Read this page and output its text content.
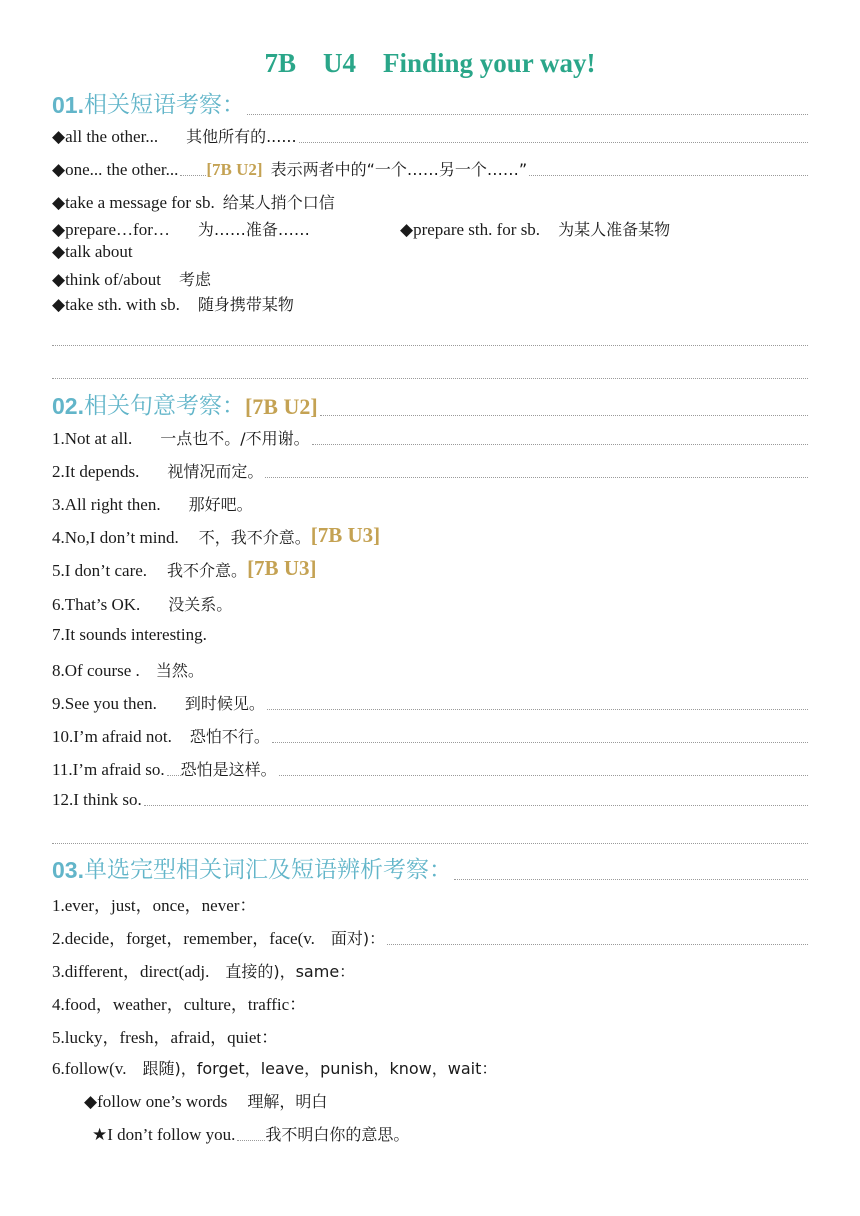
7B    U4    Finding your way!
01. 相关短语考察：
◆all the other... 其他所有的......
◆one... the other... [7B U2] 表示两者中的“一个……另一个……”
◆take a message for sb. 给某人捎个口信
◆prepare…for… 为……准备……	◆prepare sth. for sb. 为某人准备某物
◆talk about
◆think of/about 考虑
◆take sth. with sb. 随身携带某物
02. 相关句意考察： [7B U2]
1.Not at all. 一点也不。/不用谢。
2.It depends. 视情况而定。
3.All right then. 那好吧。
4.No,I don’t mind. 不，我不介意。 [7B U3]
5.I don’t care. 我不介意。 [7B U3]
6.That’s OK. 没关系。
7.It sounds interesting.
8.Of course . 当然。
9.See you then. 到时候见。
10.I’m afraid not. 恐怕不行。
11.I’m afraid so. 恐怕是这样。
12.I think so.
03. 单选完型相关词汇及短语辨析考察：
1.ever，just，once，never：
2.decide，forget，remember，face(v. 面对)：
3.different，direct(adj. 直接的)，same：
4.food，weather，culture，traffic：
5.lucky，fresh，afraid，quiet：
6.follow(v. 跟随)，forget，leave，punish，know，wait：
◆follow one’s words 理解，明白
★I don’t follow you. 我不明白你的意思。
